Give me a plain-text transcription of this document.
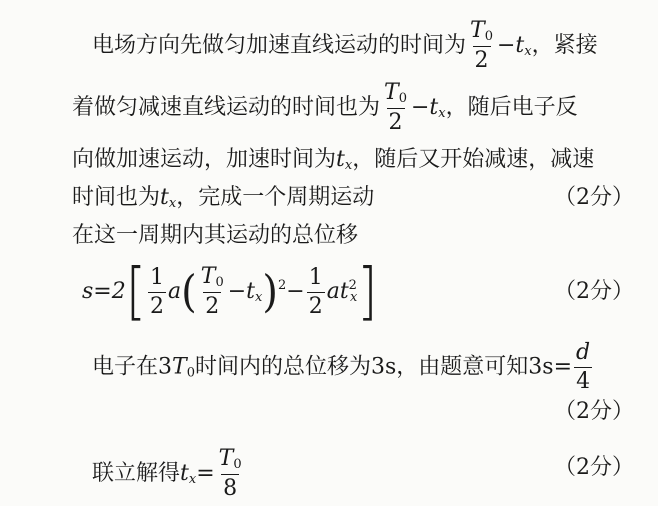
电场方向先做匀加速直线运动的时间为 $\frac{T_0}{2} -t_x$，紧接
着做匀减速直线运动的时间也为 $\frac{T_0}{2} -t_x$，随后电子反
向做加速运动，加速时间为$t_x$，随后又开始减速，减速
时间也为$t_x$，完成一个周期运动	（2分）
在这一周期内其运动的总位移
$s=2[ \frac{1}{2} a( \frac{T_0}{2} -t_x)^2- \frac{1}{2} at^2_x]$	（2分）
电子在$3T_0$时间内的总位移为3s，由题意可知$3s= \frac{d}{4}$
（2分）
联立解得$t_x= \frac{T_0}{8}$	（2分）
